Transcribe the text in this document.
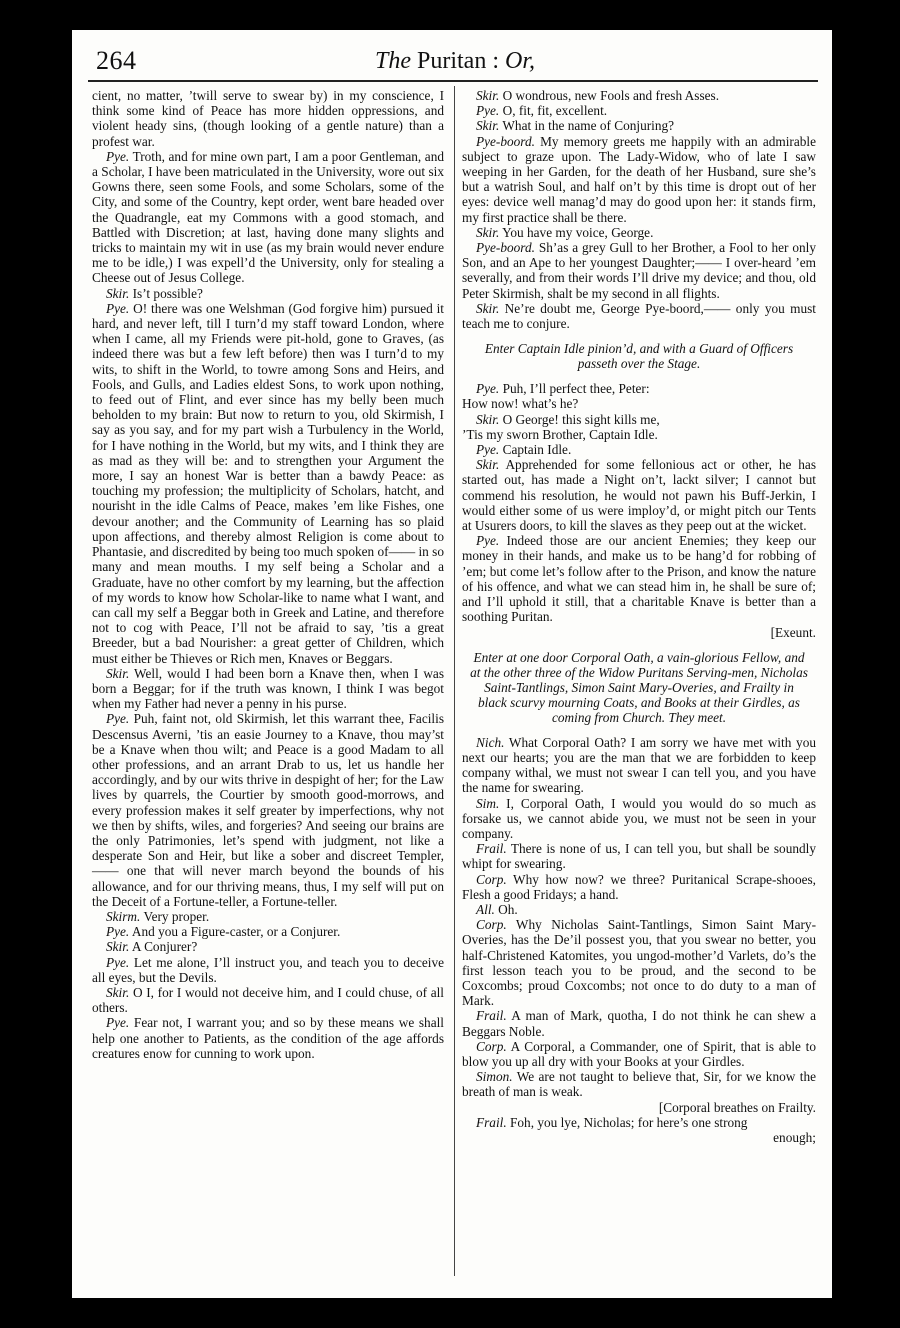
264	The Puritan : Or,

cient, no matter, ’twill serve to swear by) in my conscience, I think some kind of Peace has more hidden oppressions, and violent heady sins, (though looking of a gentle nature) than a profest war.

Pye. Troth, and for mine own part, I am a poor Gentleman, and a Scholar, I have been matriculated in the University, wore out six Gowns there, seen some Fools, and some Scholars, some of the City, and some of the Country, kept order, went bare headed over the Quadrangle, eat my Commons with a good stomach, and Battled with Discretion; at last, having done many slights and tricks to maintain my wit in use (as my brain would never endure me to be idle,) I was expell’d the University, only for stealing a Cheese out of Jesus College.

Skir. Is’t possible?

Pye. O! there was one Welshman (God forgive him) pursued it hard, and never left, till I turn’d my staff toward London, where when I came, all my Friends were pit-hold, gone to Graves, (as indeed there was but a few left before) then was I turn’d to my wits, to shift in the World, to towre among Sons and Heirs, and Fools, and Gulls, and Ladies eldest Sons, to work upon nothing, to feed out of Flint, and ever since has my belly been much beholden to my brain: But now to return to you, old Skirmish, I say as you say, and for my part wish a Turbulency in the World, for I have nothing in the World, but my wits, and I think they are as mad as they will be: and to strengthen your Argument the more, I say an honest War is better than a bawdy Peace: as touching my profession; the multiplicity of Scholars, hatcht, and nourisht in the idle Calms of Peace, makes ’em like Fishes, one devour another; and the Community of Learning has so plaid upon affections, and thereby almost Religion is come about to Phantasie, and discredited by being too much spoken of—— in so many and mean mouths. I my self being a Scholar and a Graduate, have no other comfort by my learning, but the affection of my words to know how Scholar-like to name what I want, and can call my self a Beggar both in Greek and Latine, and therefore not to cog with Peace, I’ll not be afraid to say, ’tis a great Breeder, but a bad Nourisher: a great getter of Children, which must either be Thieves or Rich men, Knaves or Beggars.

Skir. Well, would I had been born a Knave then, when I was born a Beggar; for if the truth was known, I think I was begot when my Father had never a penny in his purse.

Pye. Puh, faint not, old Skirmish, let this warrant thee, Facilis Descensus Averni, ’tis an easie Journey to a Knave, thou may’st be a Knave when thou wilt; and Peace is a good Madam to all other professions, and an arrant Drab to us, let us handle her accordingly, and by our wits thrive in despight of her; for the Law lives by quarrels, the Courtier by smooth good-morrows, and every profession makes it self greater by imperfections, why not we then by shifts, wiles, and forgeries? And seeing our brains are the only Patrimonies, let’s spend with judgment, not like a desperate Son and Heir, but like a sober and discreet Templer,—— one that will never march beyond the bounds of his allowance, and for our thriving means, thus, I my self will put on the Deceit of a Fortune-teller, a Fortune-teller.

Skirm. Very proper.

Pye. And you a Figure-caster, or a Conjurer.

Skir. A Conjurer?

Pye. Let me alone, I’ll instruct you, and teach you to deceive all eyes, but the Devils.

Skir. O I, for I would not deceive him, and I could chuse, of all others.

Pye. Fear not, I warrant you; and so by these means we shall help one another to Patients, as the condition of the age affords creatures enow for cunning to work upon.

Skir. O wondrous, new Fools and fresh Asses.

Pye. O, fit, fit, excellent.

Skir. What in the name of Conjuring?

Pye-boord. My memory greets me happily with an admirable subject to graze upon. The Lady-Widow, who of late I saw weeping in her Garden, for the death of her Husband, sure she’s but a watrish Soul, and half on’t by this time is dropt out of her eyes: device well manag’d may do good upon her: it stands firm, my first practice shall be there.

Skir. You have my voice, George.

Pye-boord. Sh’as a grey Gull to her Brother, a Fool to her only Son, and an Ape to her youngest Daughter;—— I over-heard ’em severally, and from their words I’ll drive my device; and thou, old Peter Skirmish, shalt be my second in all flights.

Skir. Ne’re doubt me, George Pye-boord,—— only you must teach me to conjure.

Enter Captain Idle pinion’d, and with a Guard of Officers passeth over the Stage.

Pye. Puh, I’ll perfect thee, Peter:

How now! what’s he?

Skir. O George! this sight kills me,

’Tis my sworn Brother, Captain Idle.

Pye. Captain Idle.

Skir. Apprehended for some fellonious act or other, he has started out, has made a Night on’t, lackt silver; I cannot but commend his resolution, he would not pawn his Buff-Jerkin, I would either some of us were imploy’d, or might pitch our Tents at Usurers doors, to kill the slaves as they peep out at the wicket.

Pye. Indeed those are our ancient Enemies; they keep our money in their hands, and make us to be hang’d for robbing of ’em; but come let’s follow after to the Prison, and know the nature of his offence, and what we can stead him in, he shall be sure of; and I’ll uphold it still, that a charitable Knave is better than a soothing Puritan.

[Exeunt.

Enter at one door Corporal Oath, a vain-glorious Fellow, and at the other three of the Widow Puritans Serving-men, Nicholas Saint-Tantlings, Simon Saint Mary-Overies, and Frailty in black scurvy mourning Coats, and Books at their Girdles, as coming from Church. They meet.

Nich. What Corporal Oath? I am sorry we have met with you next our hearts; you are the man that we are forbidden to keep company withal, we must not swear I can tell you, and you have the name for swearing.

Sim. I, Corporal Oath, I would you would do so much as forsake us, we cannot abide you, we must not be seen in your company.

Frail. There is none of us, I can tell you, but shall be soundly whipt for swearing.

Corp. Why how now? we three? Puritanical Scrape-shooes, Flesh a good Fridays; a hand.

All. Oh.

Corp. Why Nicholas Saint-Tantlings, Simon Saint Mary-Overies, has the De’il possest you, that you swear no better, you half-Christened Katomites, you ungod-mother’d Varlets, do’s the first lesson teach you to be proud, and the second to be Coxcombs; proud Coxcombs; not once to do duty to a man of Mark.

Frail. A man of Mark, quotha, I do not think he can shew a Beggars Noble.

Corp. A Corporal, a Commander, one of Spirit, that is able to blow you up all dry with your Books at your Girdles.

Simon. We are not taught to believe that, Sir, for we know the breath of man is weak.

[Corporal breathes on Frailty.

Frail. Foh, you lye, Nicholas; for here’s one strong

enough;
